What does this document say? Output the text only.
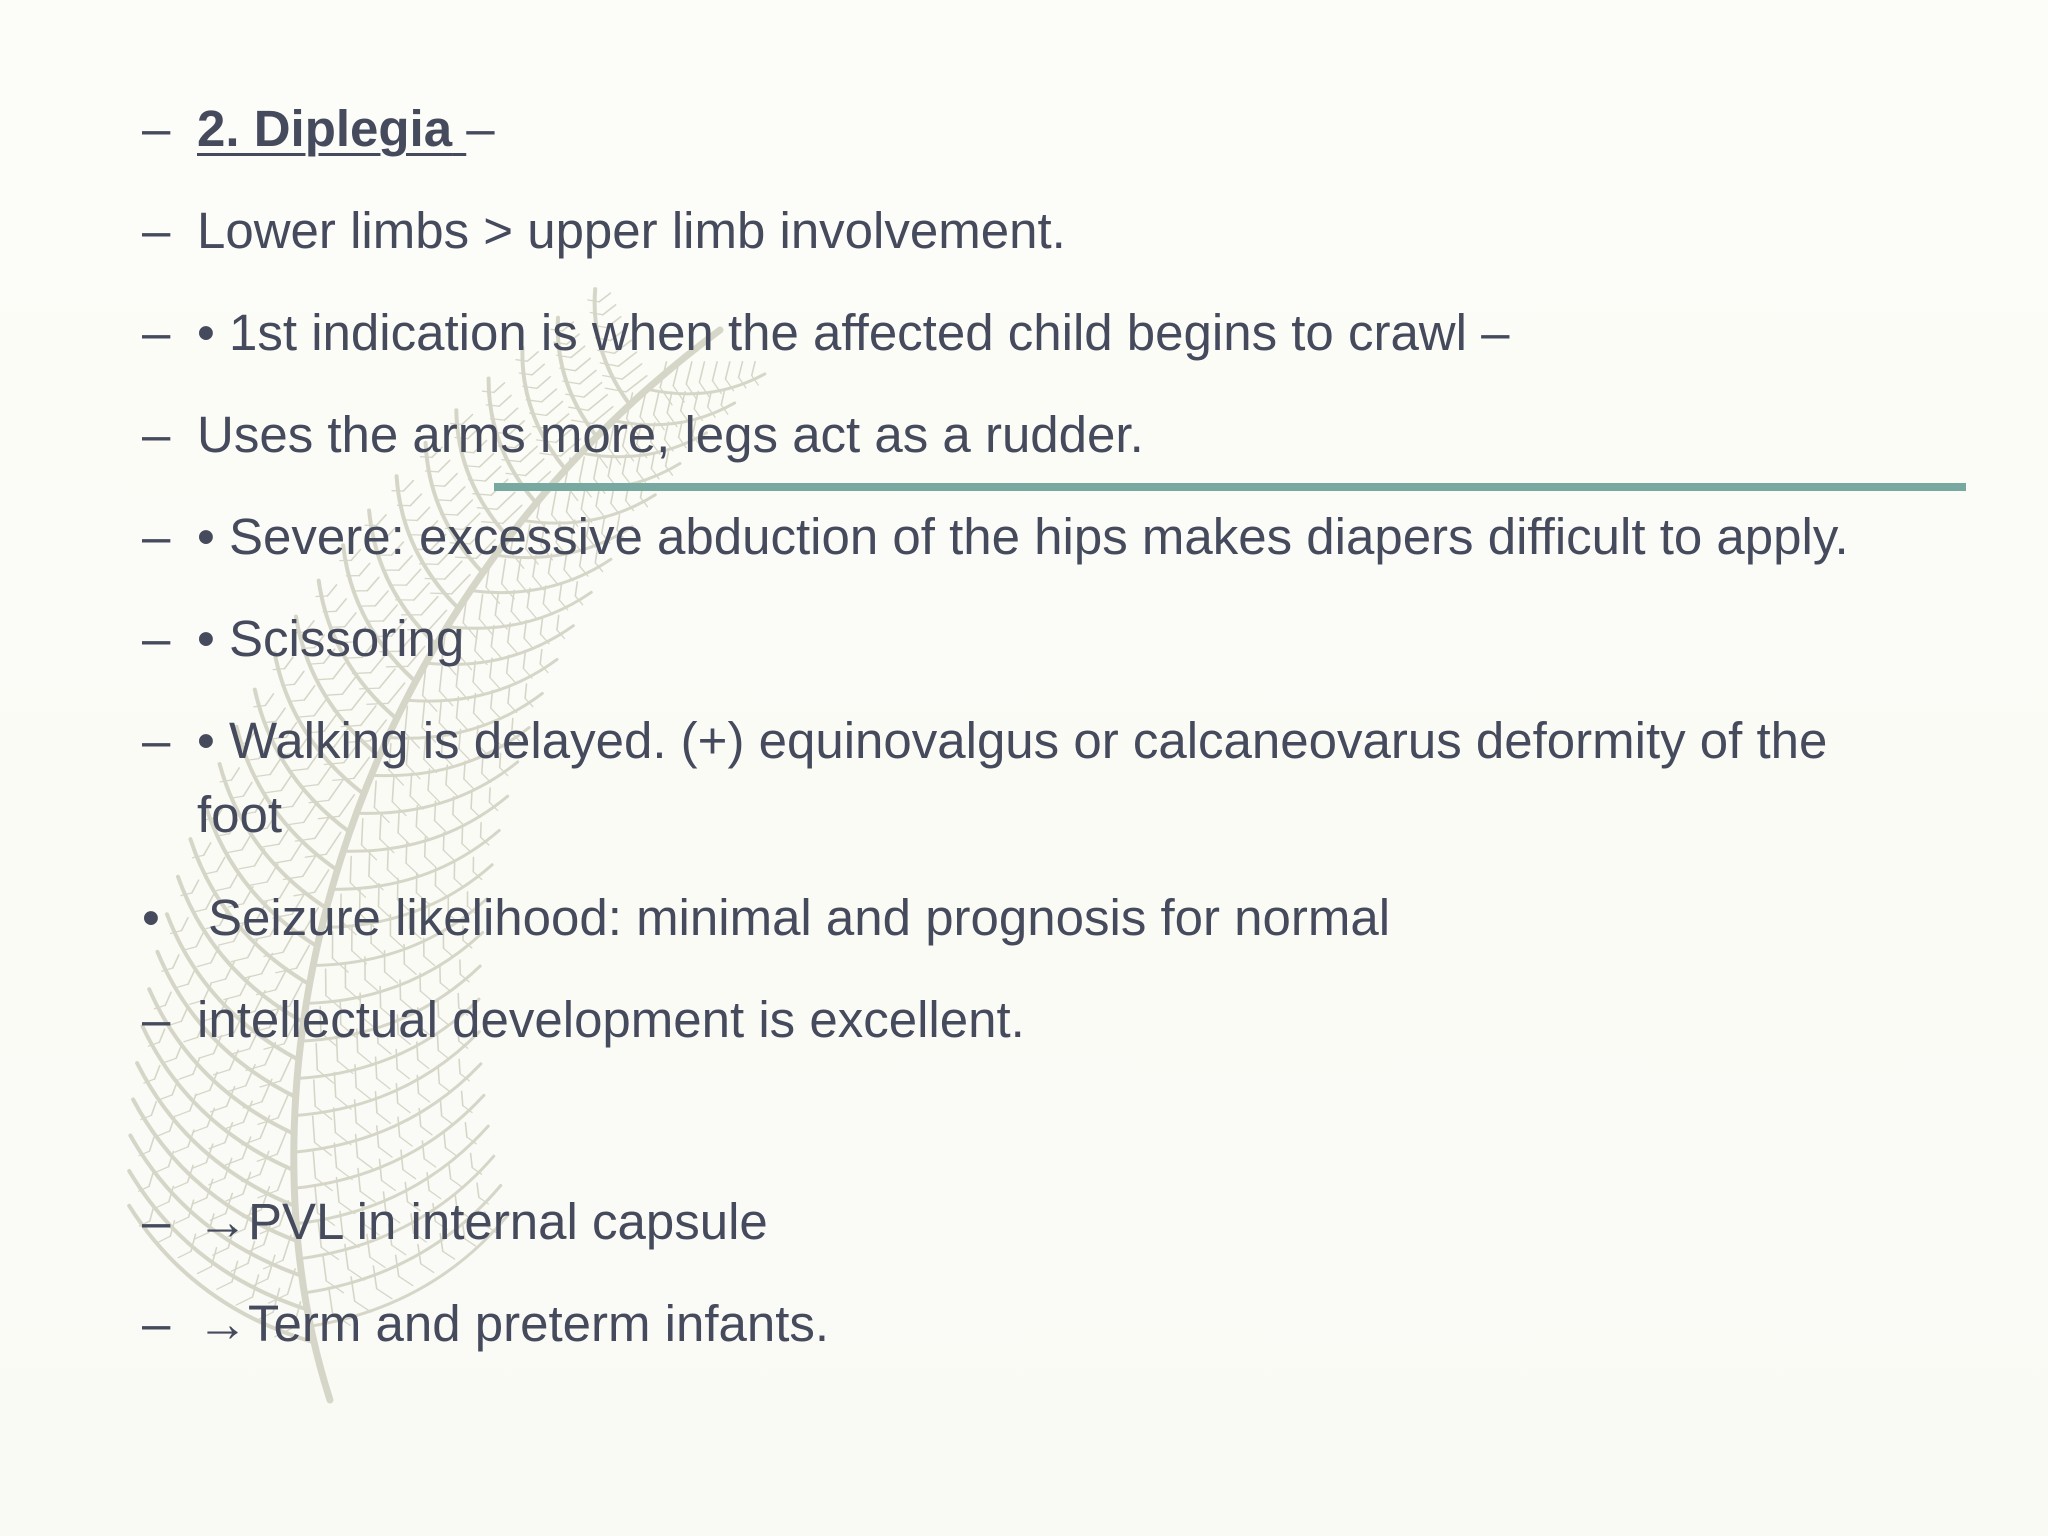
– 2. Diplegia –
– Lower limbs > upper limb involvement.
– • 1st indication is when the affected child begins to crawl –
– Uses the arms more, legs act as a rudder.
– • Severe: excessive abduction of the hips makes diapers difficult to apply.
– • Scissoring
– • Walking is delayed. (+) equinovalgus or calcaneovarus deformity of the
foot
• Seizure likelihood: minimal and prognosis for normal
– intellectual development is excellent.
– →PVL in internal capsule
– →Term and preterm infants.
